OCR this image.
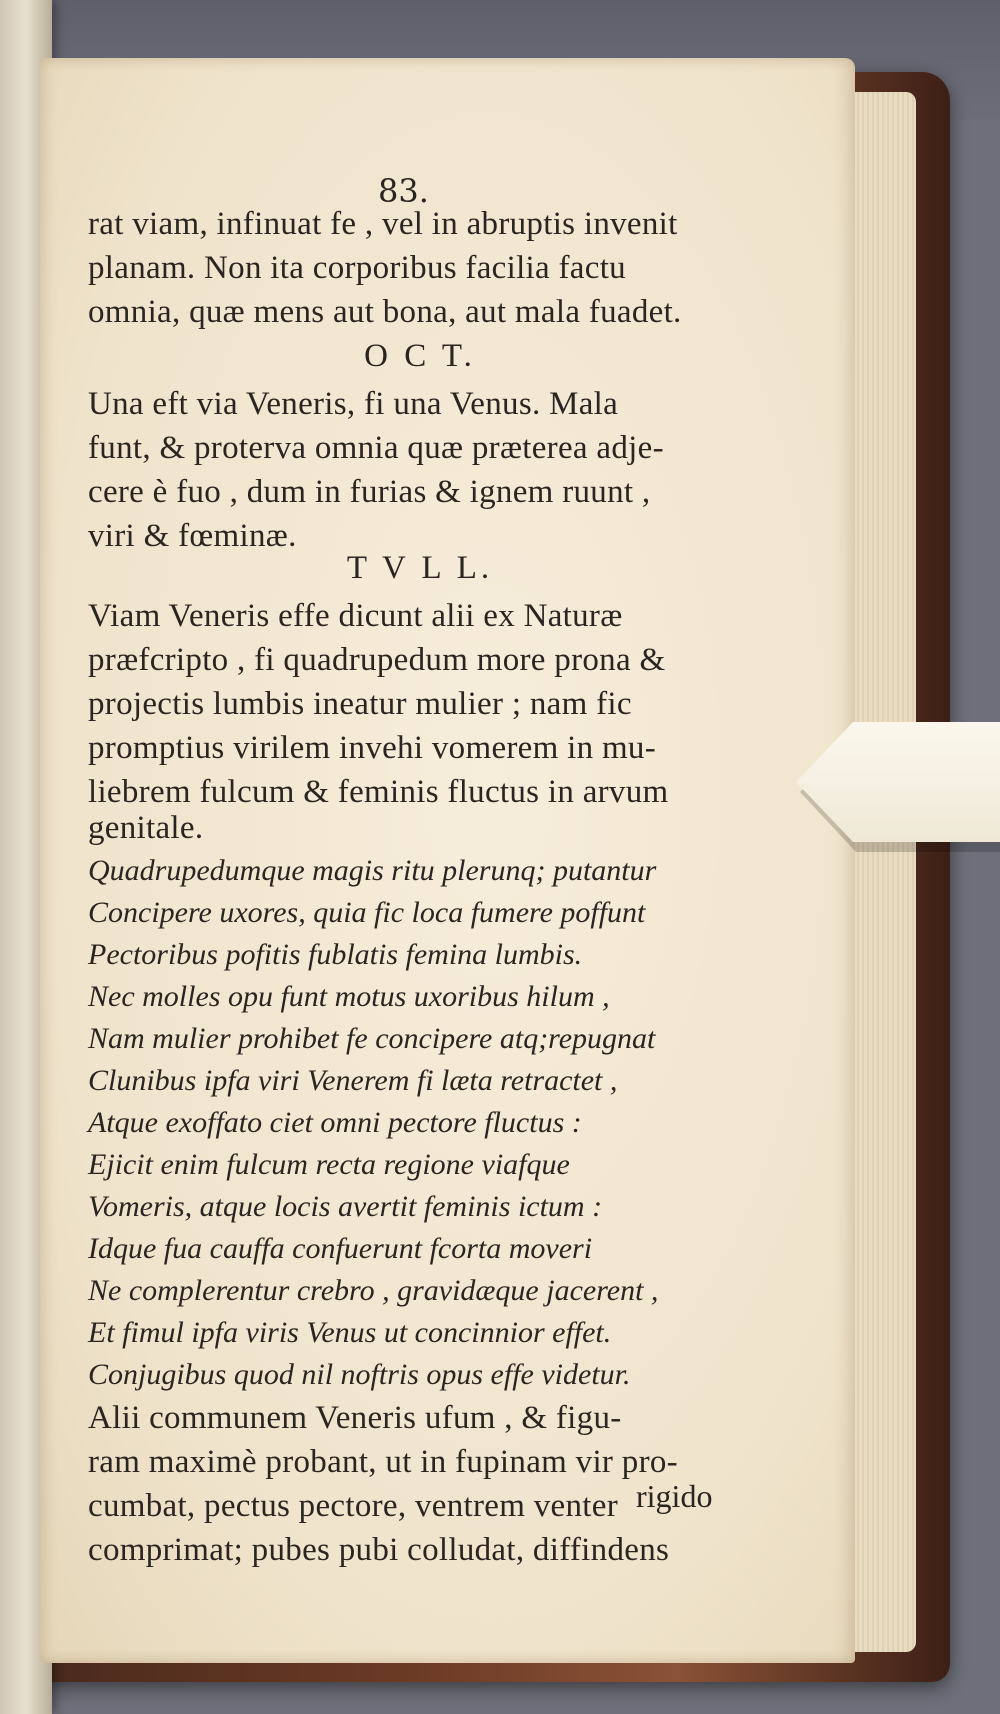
83.

rat viam, infinuat fe , vel in abruptis invenit

planam. Non ita corporibus facilia factu

omnia, quæ mens aut bona, aut mala fuadet.

O C T.

Una eft via Veneris, fi una Venus. Mala

funt, & proterva omnia quæ præterea adje-

cere è fuo , dum in furias & ignem ruunt ,

viri & fœminæ.

T V L L.

Viam Veneris effe dicunt alii ex Naturæ

præfcripto , fi quadrupedum more prona &

projectis lumbis ineatur mulier ; nam fic

promptius virilem invehi vomerem in mu-

liebrem fulcum & feminis fluctus in arvum

genitale.

Quadrupedumque magis ritu plerunq; putantur

Concipere uxores, quia fic loca fumere poffunt

Pectoribus pofitis fublatis femina lumbis.

Nec molles opu funt motus uxoribus hilum ,

Nam mulier prohibet fe concipere atq;repugnat

Clunibus ipfa viri Venerem fi læta retractet ,

Atque exoffato ciet omni pectore fluctus :

Ejicit enim fulcum recta regione viafque

Vomeris, atque locis avertit feminis ictum :

Idque fua cauffa confuerunt fcorta moveri

Ne complerentur crebro , gravidæque jacerent ,

Et fimul ipfa viris Venus ut concinnior effet.

Conjugibus quod nil noftris opus effe videtur.

Alii communem Veneris ufum , & figu-

ram maximè probant, ut in fupinam vir pro-

cumbat, pectus pectore, ventrem venter

comprimat; pubes pubi colludat, diffindens

rigido
